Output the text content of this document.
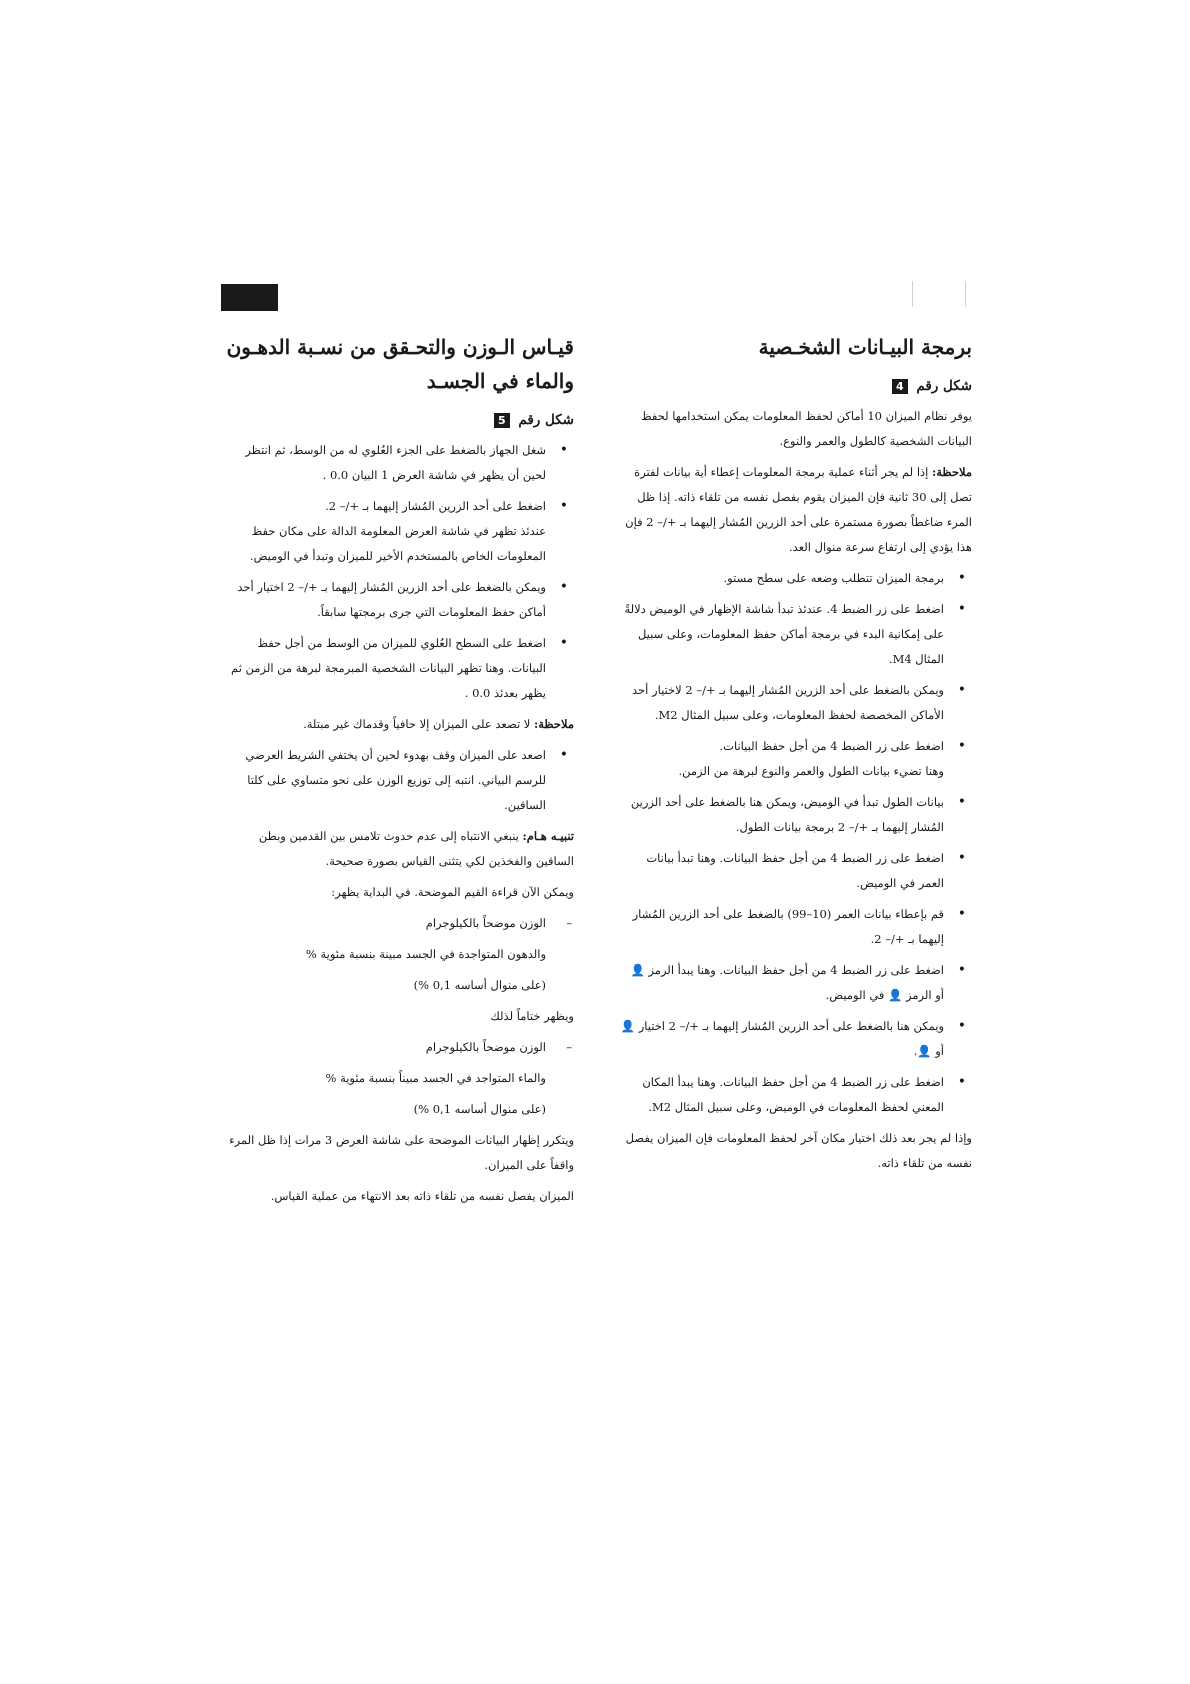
برمجة البيـانات الشخـصية
شكل رقم 4

يوفر نظام الميزان 10 أماكن لحفظ المعلومات يمكن استخدامها لحفظ البيانات الشخصية كالطول والعمر والنوع.

ملاحظة: إذا لم يجر أثناء عملية برمجة المعلومات إعطاء أية بيانات لفترة تصل إلى 30 ثانية فإن الميزان يقوم بفصل نفسه من تلقاء ذاته. إذا ظل المرء ضاغطاً بصورة مستمرة على أحد الزرين المُشار إليهما بـ +/– 2 فإن هذا يؤدي إلى ارتفاع سرعة منوال العد.

• برمجة الميزان تتطلب وضعه على سطح مستو.
• اضغط على زر الضبط 4. عندئذ تبدأ شاشة الإظهار في الوميض دلالةً على إمكانية البدء في برمجة أماكن حفظ المعلومات، وعلى سبيل المثال M4.
• ويمكن بالضغط على أحد الزرين المُشار إليهما بـ +/– 2 لاختيار أحد الأماكن المخصصة لحفظ المعلومات، وعلى سبيل المثال M2.
• اضغط على زر الضبط 4 من أجل حفظ البيانات.
وهنا تضيء بيانات الطول والعمر والنوع لبرهة من الزمن.
• بيانات الطول تبدأ في الوميض، ويمكن هنا بالضغط على أحد الزرين المُشار إليهما بـ +/– 2 برمجة بيانات الطول.
• اضغط على زر الضبط 4 من أجل حفظ البيانات. وهنا تبدأ بيانات العمر في الوميض.
• قم بإعطاء بيانات العمر (10–99) بالضغط على أحد الزرين المُشار إليهما بـ +/– 2.
• اضغط على زر الضبط 4 من أجل حفظ البيانات. وهنا يبدأ الرمز 👤 أو الرمز 👤 في الوميض.
• ويمكن هنا بالضغط على أحد الزرين المُشار إليهما بـ +/– 2 اختيار 👤 أو 👤.
• اضغط على زر الضبط 4 من أجل حفظ البيانات. وهنا يبدأ المكان المعني لحفظ المعلومات في الوميض، وعلى سبيل المثال M2.

وإذا لم يجر بعد ذلك اختيار مكان آخر لحفظ المعلومات فإن الميزان يفصل نفسه من تلقاء ذاته.

قيـاس الـوزن والتحـقق من نسـبة الدهـون والماء في الجسـد
شكل رقم 5
• شغل الجهاز بالضغط على الجزء العُلوي له من الوسط، ثم انتظر لحين أن يظهر في شاشة العرض 1 البيان 0.0 .
• اضغط على أحد الزرين المُشار إليهما بـ +/– 2.
عندئذ تظهر في شاشة العرض المعلومة الدالة على مكان حفظ المعلومات الخاص بالمستخدم الأخير للميزان وتبدأ في الوميض.
• ويمكن بالضغط على أحد الزرين المُشار إليهما بـ +/– 2 اختيار أحد أماكن حفظ المعلومات التي جرى برمجتها سابقاً.
• اضغط على السطح العُلوي للميزان من الوسط من أجل حفظ البيانات. وهنا تظهر البيانات الشخصية المبرمجة لبرهة من الزمن ثم يظهر بعدئذ 0.0 .

ملاحظة: لا تصعد على الميزان إلا حافياً وقدماك غير مبتلة.

• اصعد على الميزان وقف بهدوء لحين أن يختفي الشريط العرضي للرسم البياني. انتبه إلى توزيع الوزن على نحو متساوي على كلتا الساقين.

تنبيـه هـام: ينبغي الانتباه إلى عدم حدوث تلامس بين القدمين وبطن الساقين والفخذين لكي يتثنى القياس بصورة صحيحة.

ويمكن الآن قراءة القيم الموضحة. في البداية يظهر:

– الوزن موضحاً بالكيلوجرام

والدهون المتواجدة في الجسد مبينة بنسبة مئوية %

(على منوال أساسه 0,1 %)

ويظهر ختاماً لذلك

– الوزن موضحاً بالكيلوجرام

والماء المتواجد في الجسد مبيناً بنسبة مئوية %

(على منوال أساسه 0,1 %)

ويتكرر إظهار البيانات الموضحة على شاشة العرض 3 مرات إذا ظل المرء واقفاً على الميزان.

الميزان يفصل نفسه من تلقاء ذاته بعد الانتهاء من عملية القياس.
